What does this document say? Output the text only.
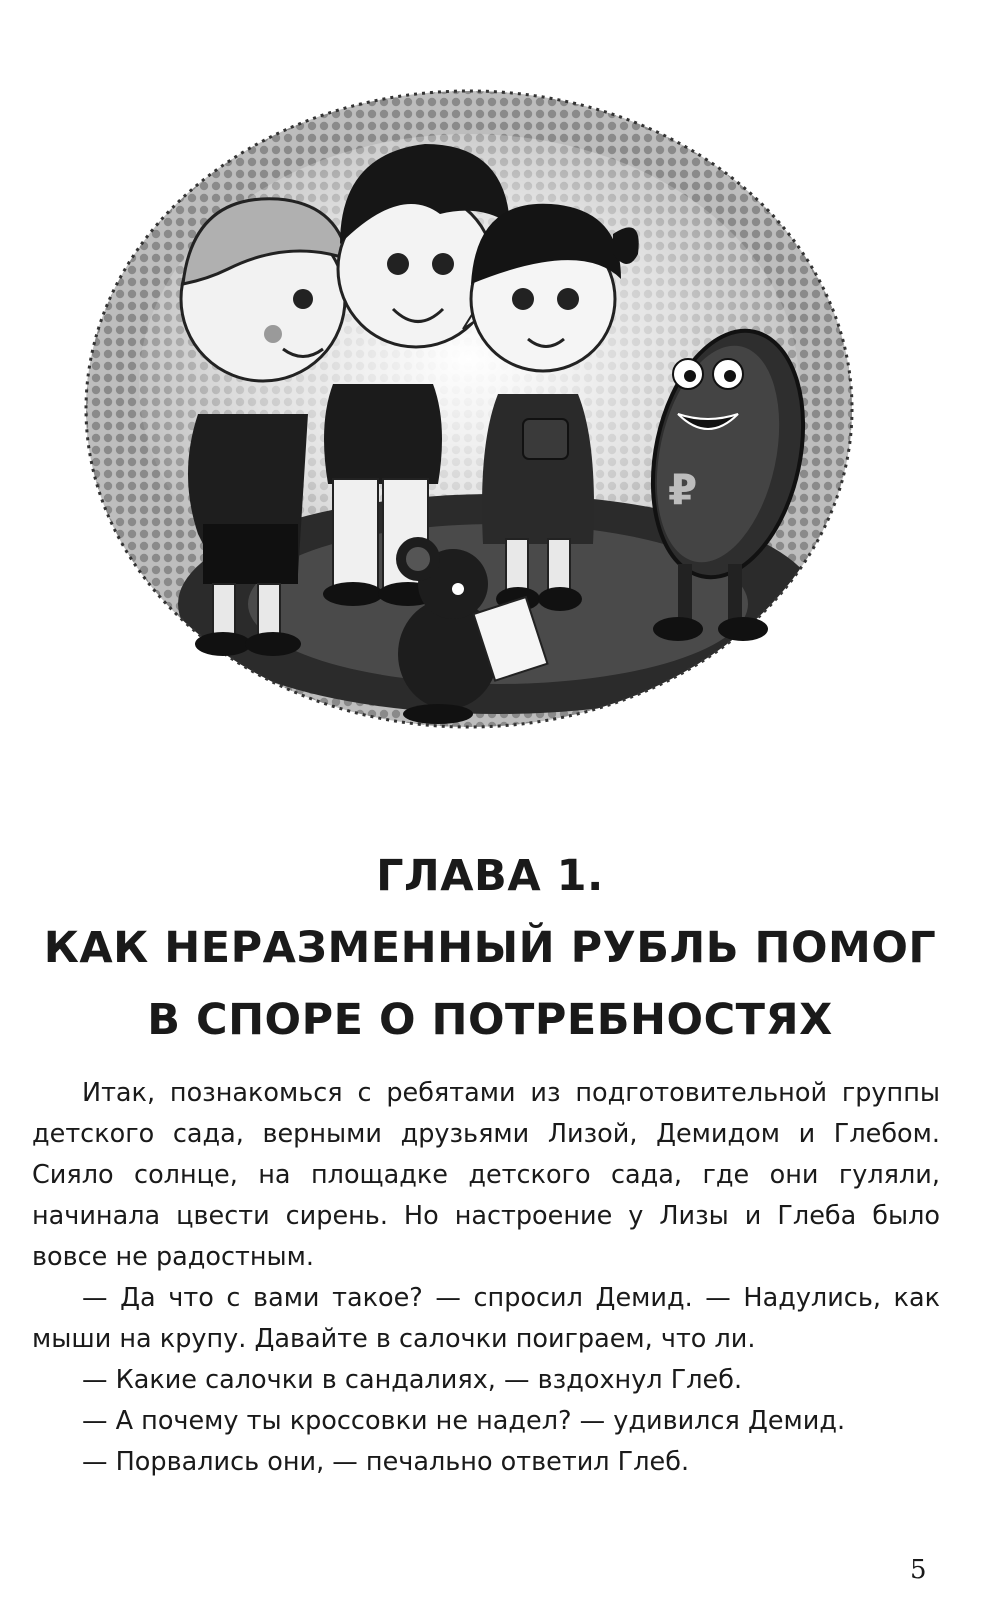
₽
ГЛАВА 1.
КАК НЕРАЗМЕННЫЙ РУБЛЬ ПОМОГ
В СПОРЕ О ПОТРЕБНОСТЯХ

Итак, познакомься с ребятами из подготовительной группы детского сада, верными друзьями Лизой, Демидом и Глебом. Сияло солнце, на площадке детского сада, где они гуляли, начинала цвести сирень. Но настроение у Лизы и Глеба было вовсе не радостным.

— Да что с вами такое? — спросил Демид. — Надулись, как мыши на крупу. Давайте в салочки поиграем, что ли.

— Какие салочки в сандалиях, — вздохнул Глеб.

— А почему ты кроссовки не надел? — удивился Демид.

— Порвались они, — печально ответил Глеб.

5
